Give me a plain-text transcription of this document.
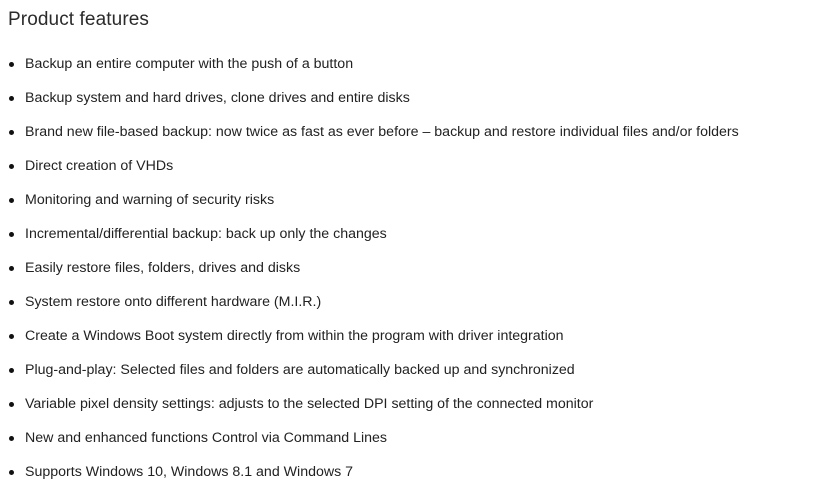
Product features
Backup an entire computer with the push of a button
Backup system and hard drives, clone drives and entire disks
Brand new file-based backup: now twice as fast as ever before – backup and restore individual files and/or folders
Direct creation of VHDs
Monitoring and warning of security risks
Incremental/differential backup: back up only the changes
Easily restore files, folders, drives and disks
System restore onto different hardware (M.I.R.)
Create a Windows Boot system directly from within the program with driver integration
Plug-and-play: Selected files and folders are automatically backed up and synchronized
Variable pixel density settings: adjusts to the selected DPI setting of the connected monitor
New and enhanced functions Control via Command Lines
Supports Windows 10, Windows 8.1 and Windows 7
